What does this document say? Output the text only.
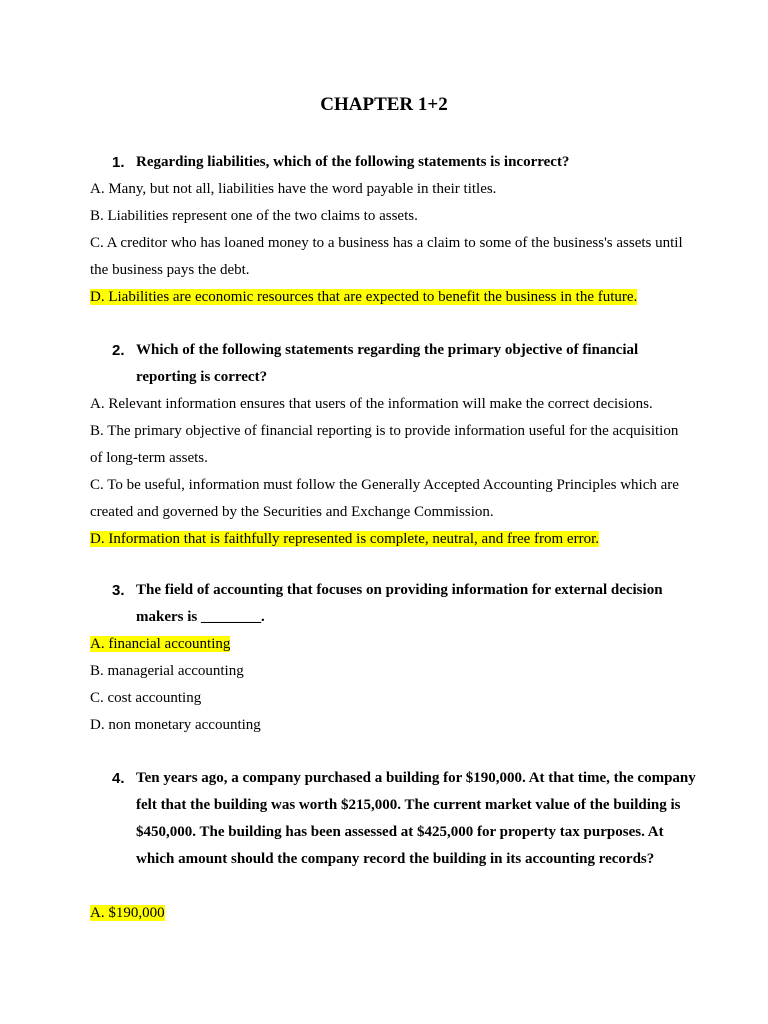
CHAPTER 1+2
1. Regarding liabilities, which of the following statements is incorrect?
A. Many, but not all, liabilities have the word payable in their titles.
B. Liabilities represent one of the two claims to assets.
C. A creditor who has loaned money to a business has a claim to some of the business's assets until the business pays the debt.
D. Liabilities are economic resources that are expected to benefit the business in the future.
2. Which of the following statements regarding the primary objective of financial reporting is correct?
A. Relevant information ensures that users of the information will make the correct decisions.
B. The primary objective of financial reporting is to provide information useful for the acquisition of long-term assets.
C. To be useful, information must follow the Generally Accepted Accounting Principles which are created and governed by the Securities and Exchange Commission.
D. Information that is faithfully represented is complete, neutral, and free from error.
3. The field of accounting that focuses on providing information for external decision makers is ________.
A. financial accounting
B. managerial accounting
C. cost accounting
D. non monetary accounting
4. Ten years ago, a company purchased a building for $190,000. At that time, the company felt that the building was worth $215,000. The current market value of the building is $450,000. The building has been assessed at $425,000 for property tax purposes. At which amount should the company record the building in its accounting records?
A. $190,000
